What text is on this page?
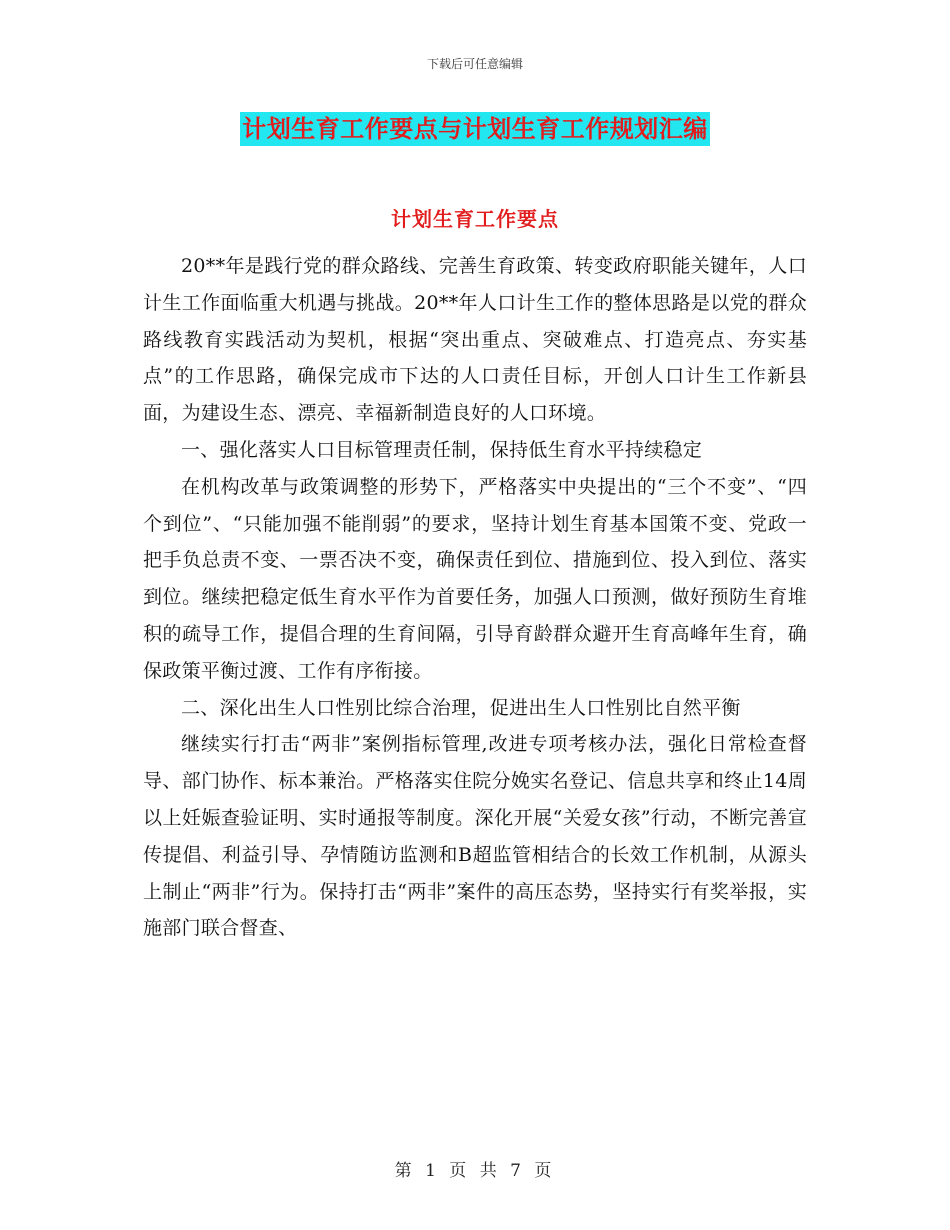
下载后可任意编辑
计划生育工作要点与计划生育工作规划汇编
计划生育工作要点

20**年是践行党的群众路线、完善生育政策、转变政府职能关键年，人口计生工作面临重大机遇与挑战。20**年人口计生工作的整体思路是以党的群众路线教育实践活动为契机，根据“突出重点、突破难点、打造亮点、夯实基点”的工作思路，确保完成市下达的人口责任目标，开创人口计生工作新县面，为建设生态、漂亮、幸福新制造良好的人口环境。

一、强化落实人口目标管理责任制，保持低生育水平持续稳定

在机构改革与政策调整的形势下，严格落实中央提出的“三个不变”、“四个到位”、“只能加强不能削弱”的要求，坚持计划生育基本国策不变、党政一把手负总责不变、一票否决不变，确保责任到位、措施到位、投入到位、落实到位。继续把稳定低生育水平作为首要任务，加强人口预测，做好预防生育堆积的疏导工作，提倡合理的生育间隔，引导育龄群众避开生育高峰年生育，确保政策平衡过渡、工作有序衔接。

二、深化出生人口性别比综合治理，促进出生人口性别比自然平衡

继续实行打击“两非”案例指标管理,改进专项考核办法，强化日常检查督导、部门协作、标本兼治。严格落实住院分娩实名登记、信息共享和终止14周以上妊娠查验证明、实时通报等制度。深化开展“关爱女孩”行动，不断完善宣传提倡、利益引导、孕情随访监测和B超监管相结合的长效工作机制，从源头上制止“两非”行为。保持打击“两非”案件的高压态势，坚持实行有奖举报，实施部门联合督查、

第 1 页 共 7 页
